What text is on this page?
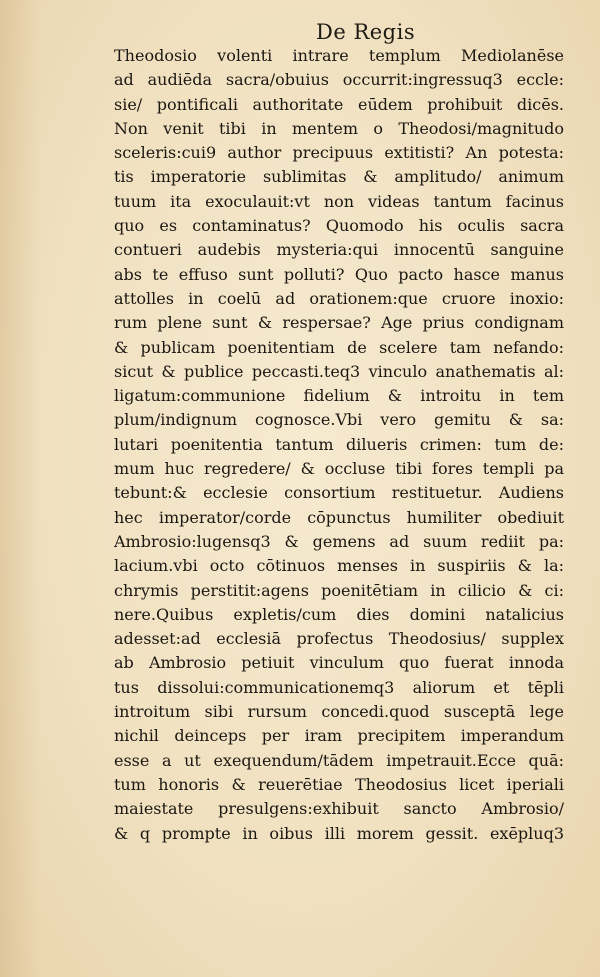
De Regis
Theodosio volenti intrare templum Mediolanēse
ad audiēda sacra/obuius occurrit:ingressuq3 eccle:
sie/ pontificali authoritate eūdem prohibuit dicēs.
Non venit tibi in mentem o Theodosi/magnitudo
sceleris:cui9 author precipuus extitisti? An potesta:
tis imperatorie sublimitas & amplitudo/ animum
tuum ita exoculauit:vt non videas tantum facinus
quo es contaminatus? Quomodo his oculis sacra
contueri audebis mysteria:qui innocentū sanguine
abs te effuso sunt polluti? Quo pacto hasce manus
attolles in coelū ad orationem:que cruore inoxio:
rum plene sunt & respersae? Age prius condignam
& publicam poenitentiam de scelere tam nefando:
sicut & publice peccasti.teq3 vinculo anathematis al:
ligatum:communione fidelium & introitu in tem
plum/indignum cognosce.Vbi vero gemitu & sa:
lutari poenitentia tantum dilueris crimen: tum de:
mum huc regredere/ & occluse tibi fores templi pa
tebunt:& ecclesie consortium restituetur. Audiens
hec imperator/corde cōpunctus humiliter obediuit
Ambrosio:lugensq3 & gemens ad suum rediit pa:
lacium.vbi octo cōtinuos menses in suspiriis & la:
chrymis perstitit:agens poenitētiam in cilicio & ci:
nere.Quibus expletis/cum dies domini natalicius
adesset:ad ecclesiā profectus Theodosius/ supplex
ab Ambrosio petiuit vinculum quo fuerat innoda
tus dissolui:communicationemq3 aliorum et tēpli
introitum sibi rursum concedi.quod susceptā lege
nichil deinceps per iram precipitem imperandum
esse a ut exequendum/tādem impetrauit.Ecce quā:
tum honoris & reuerētiae Theodosius licet iperiali
maiestate presulgens:exhibuit sancto Ambrosio/
& q prompte in oibus illi morem gessit. exēpluq3
